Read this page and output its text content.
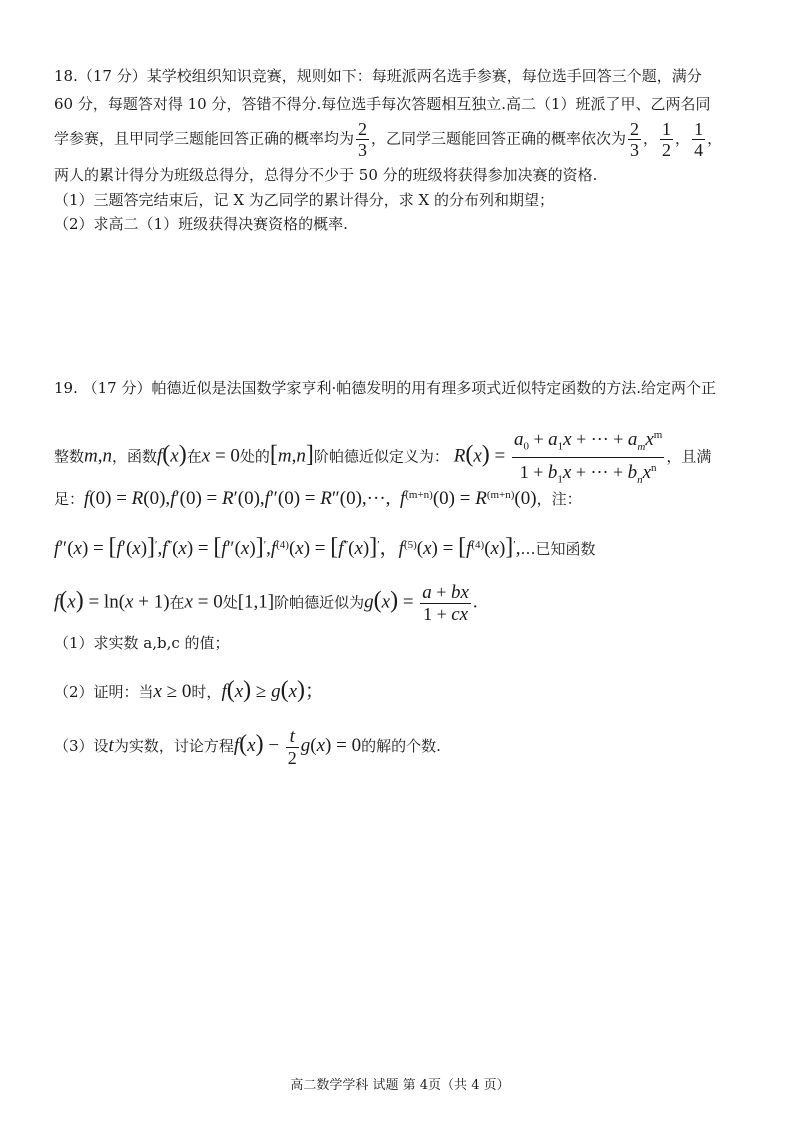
18.（17 分）某学校组织知识竞赛，规则如下：每班派两名选手参赛，每位选手回答三个题，满分
60 分，每题答对得 10 分，答错不得分.每位选手每次答题相互独立.高二（1）班派了甲、乙两名同
学参赛，且甲同学三题能回答正确的概率均为 $\frac{2}{3}$ ，乙同学三题能回答正确的概率依次为 $\frac{2}{3}$ ， $\frac{1}{2}$ ， $\frac{1}{4}$ ，
两人的累计得分为班级总得分，总得分不少于 50 分的班级将获得参加决赛的资格.
（1）三题答完结束后，记 X 为乙同学的累计得分，求 X 的分布列和期望；
（2）求高二（1）班级获得决赛资格的概率.
19. （17 分）帕德近似是法国数学家亨利·帕德发明的用有理多项式近似特定函数的方法.给定两个正
整数m,n，函数f(x)在x = 0处的[m,n]阶帕德近似定义为： $R(x) = \frac{a_0 + a_1x + \cdot\cdot\cdot + a_mx^m}{1 + b_1x + \cdot\cdot\cdot + b_nx^n}$ ，且满
足：f(0) = R(0),f′(0) = R′(0),f″(0) = R″(0),···, $f^{(m+n)}(0) = R^{(m+n)}(0)$，注：
$f''(x) = [f'(x)]',f^‴(x) = [f''(x)]',f^{(4)}(x) = [f^‴(x)]'$，$f^{(5)}(x)$ = $[f^{(4)}(x)]',\dots$已知函数
f(x) = ln(x + 1)在x = 0处[1,1]阶帕德近似为$g(x) = \frac{a + bx}{1 + cx}$ .
（1）求实数 a,b,c 的值；
（2）证明：当x ≥ 0时，f(x) ≥ g(x)；
（3）设t为实数，讨论方程$f(x) - \frac{t}{2} g(x) = 0$的解的个数.
高二数学学科 试题 第 4页（共 4 页）
